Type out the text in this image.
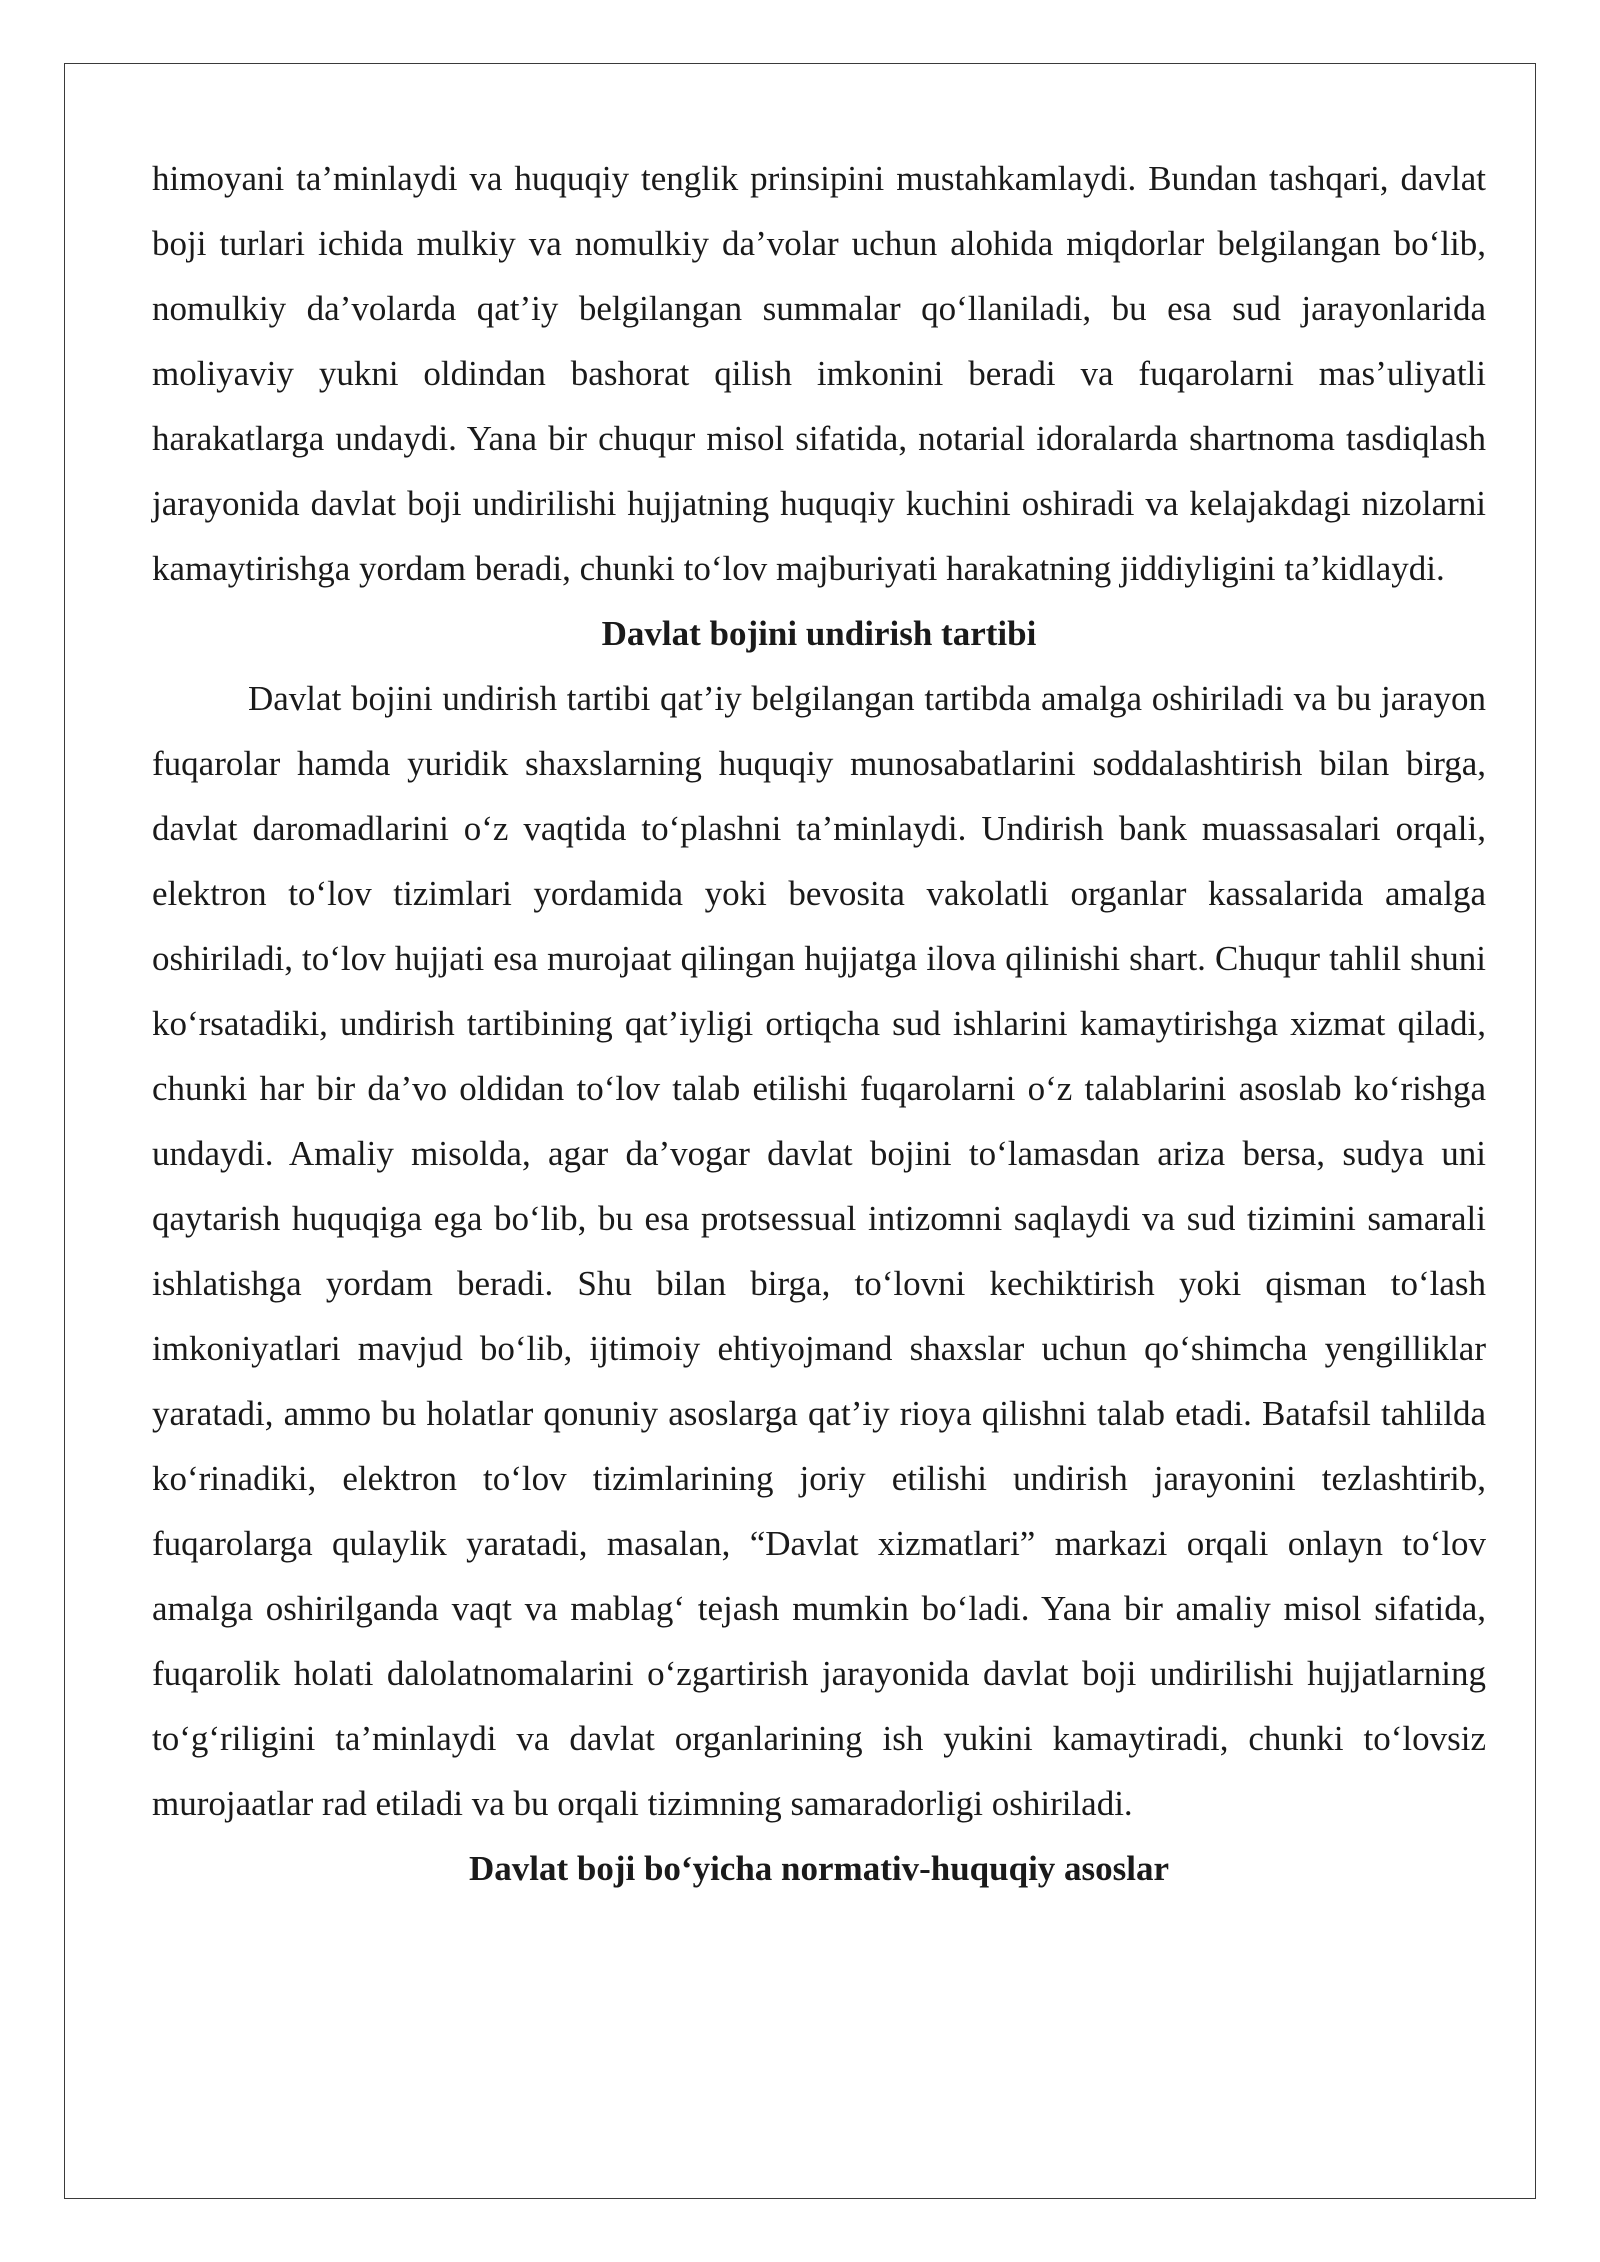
himoyani ta’minlaydi va huquqiy tenglik prinsipini mustahkamlaydi. Bundan tashqari, davlat boji turlari ichida mulkiy va nomulkiy da’volar uchun alohida miqdorlar belgilangan bo‘lib, nomulkiy da’volarda qat’iy belgilangan summalar qo‘llaniladi, bu esa sud jarayonlarida moliyaviy yukni oldindan bashorat qilish imkonini beradi va fuqarolarni mas’uliyatli harakatlarga undaydi. Yana bir chuqur misol sifatida, notarial idoralarda shartnoma tasdiqlash jarayonida davlat boji undirilishi hujjatning huquqiy kuchini oshiradi va kelajakdagi nizolarni kamaytirishga yordam beradi, chunki to‘lov majburiyati harakatning jiddiyligini ta’kidlaydi.

Davlat bojini undirish tartibi

Davlat bojini undirish tartibi qat’iy belgilangan tartibda amalga oshiriladi va bu jarayon fuqarolar hamda yuridik shaxslarning huquqiy munosabatlarini soddalashtirish bilan birga, davlat daromadlarini o‘z vaqtida to‘plashni ta’minlaydi. Undirish bank muassasalari orqali, elektron to‘lov tizimlari yordamida yoki bevosita vakolatli organlar kassalarida amalga oshiriladi, to‘lov hujjati esa murojaat qilingan hujjatga ilova qilinishi shart. Chuqur tahlil shuni ko‘rsatadiki, undirish tartibining qat’iyligi ortiqcha sud ishlarini kamaytirishga xizmat qiladi, chunki har bir da’vo oldidan to‘lov talab etilishi fuqarolarni o‘z talablarini asoslab ko‘rishga undaydi. Amaliy misolda, agar da’vogar davlat bojini to‘lamasdan ariza bersa, sudya uni qaytarish huquqiga ega bo‘lib, bu esa protsessual intizomni saqlaydi va sud tizimini samarali ishlatishga yordam beradi. Shu bilan birga, to‘lovni kechiktirish yoki qisman to‘lash imkoniyatlari mavjud bo‘lib, ijtimoiy ehtiyojmand shaxslar uchun qo‘shimcha yengilliklar yaratadi, ammo bu holatlar qonuniy asoslarga qat’iy rioya qilishni talab etadi. Batafsil tahlilda ko‘rinadiki, elektron to‘lov tizimlarining joriy etilishi undirish jarayonini tezlashtirib, fuqarolarga qulaylik yaratadi, masalan, “Davlat xizmatlari” markazi orqali onlayn to‘lov amalga oshirilganda vaqt va mablag‘ tejash mumkin bo‘ladi. Yana bir amaliy misol sifatida, fuqarolik holati dalolatnomalarini o‘zgartirish jarayonida davlat boji undirilishi hujjatlarning to‘g‘riligini ta’minlaydi va davlat organlarining ish yukini kamaytiradi, chunki to‘lovsiz murojaatlar rad etiladi va bu orqali tizimning samaradorligi oshiriladi.

Davlat boji bo‘yicha normativ-huquqiy asoslar
